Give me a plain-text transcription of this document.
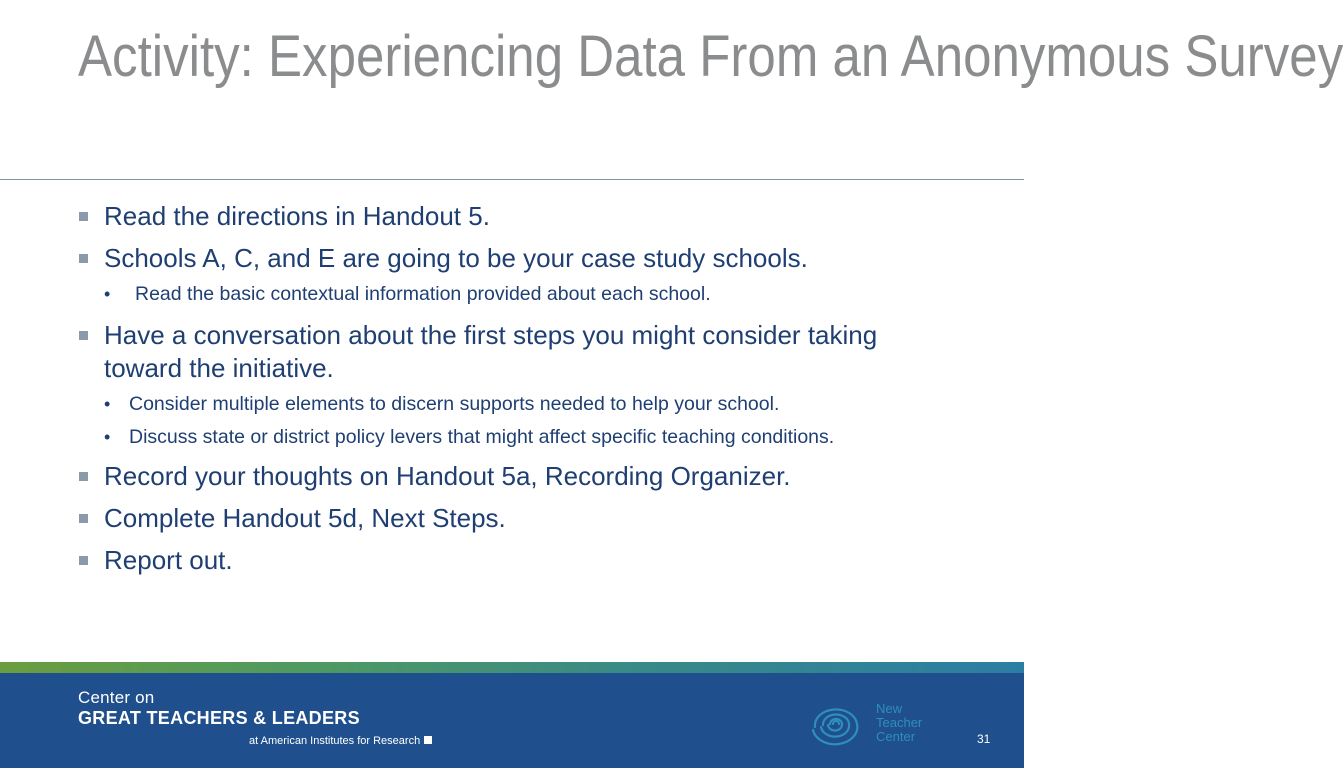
Activity: Experiencing Data From an Anonymous Survey
Read the directions in Handout 5.
Schools A, C, and E are going to be your case study schools.
• Read the basic contextual information provided about each school.
Have a conversation about the first steps you might consider taking toward the initiative.
• Consider multiple elements to discern supports needed to help your school.
• Discuss state or district policy levers that might affect specific teaching conditions.
Record your thoughts on Handout 5a, Recording Organizer.
Complete Handout 5d, Next Steps.
Report out.
Center on
GREAT TEACHERS & LEADERS
at American Institutes for Research
New
Teacher
Center	31
